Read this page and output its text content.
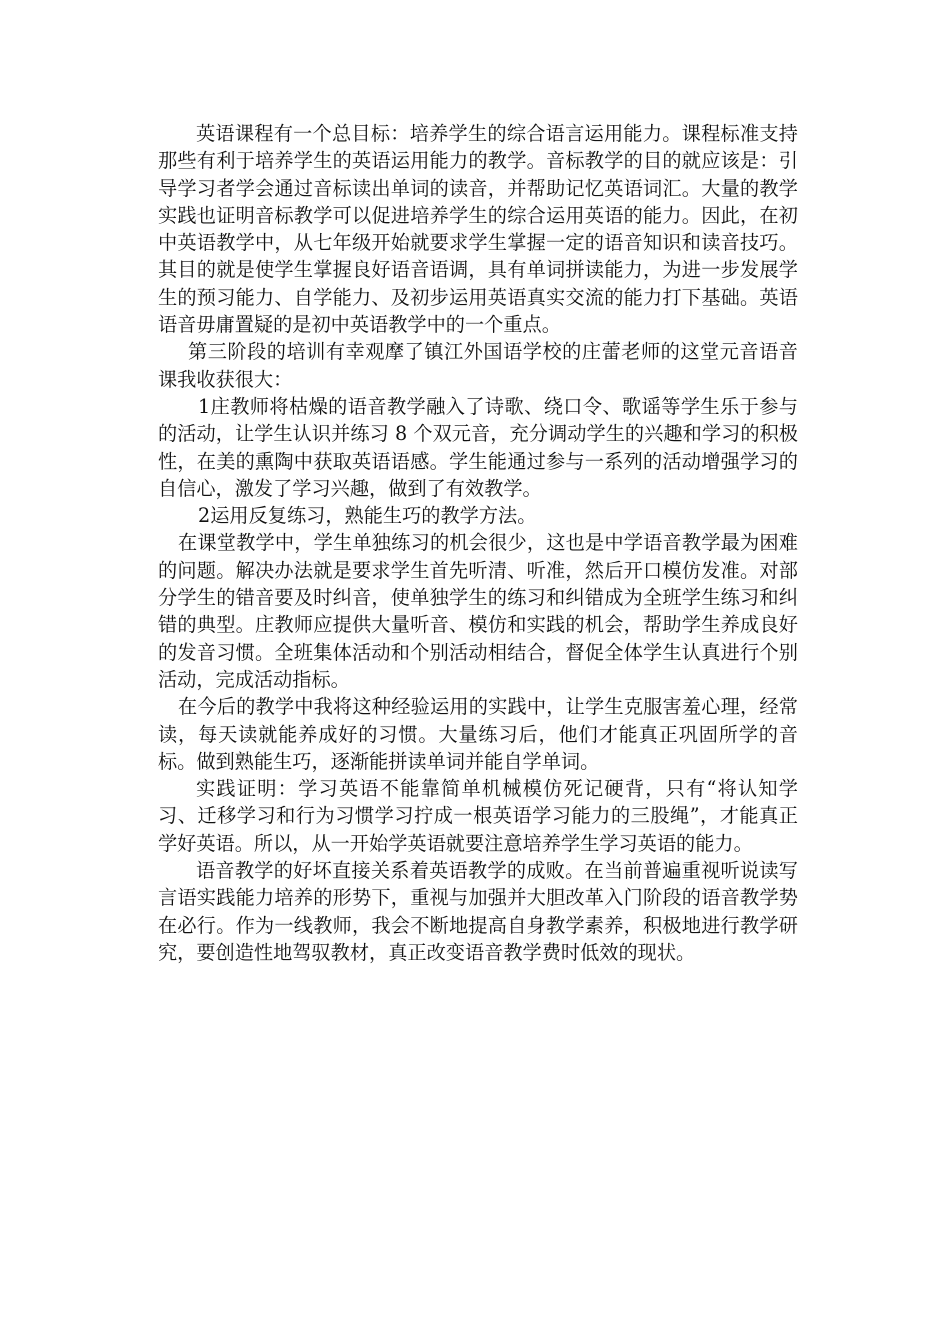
英语课程有一个总目标：培养学生的综合语言运用能力。课程标准支持那些有利于培养学生的英语运用能力的教学。音标教学的目的就应该是：引导学习者学会通过音标读出单词的读音，并帮助记忆英语词汇。大量的教学实践也证明音标教学可以促进培养学生的综合运用英语的能力。因此，在初中英语教学中，从七年级开始就要求学生掌握一定的语音知识和读音技巧。其目的就是使学生掌握良好语音语调，具有单词拼读能力，为进一步发展学生的预习能力、自学能力、及初步运用英语真实交流的能力打下基础。英语语音毋庸置疑的是初中英语教学中的一个重点。

第三阶段的培训有幸观摩了镇江外国语学校的庄蕾老师的这堂元音语音课我收获很大：

1庄教师将枯燥的语音教学融入了诗歌、绕口令、歌谣等学生乐于参与的活动，让学生认识并练习 8 个双元音，充分调动学生的兴趣和学习的积极性，在美的熏陶中获取英语语感。学生能通过参与一系列的活动增强学习的自信心，激发了学习兴趣，做到了有效教学。

2运用反复练习，熟能生巧的教学方法。

在课堂教学中，学生单独练习的机会很少，这也是中学语音教学最为困难的问题。解决办法就是要求学生首先听清、听准，然后开口模仿发准。对部分学生的错音要及时纠音，使单独学生的练习和纠错成为全班学生练习和纠错的典型。庄教师应提供大量听音、模仿和实践的机会，帮助学生养成良好的发音习惯。全班集体活动和个别活动相结合，督促全体学生认真进行个别活动，完成活动指标。

在今后的教学中我将这种经验运用的实践中，让学生克服害羞心理，经常读，每天读就能养成好的习惯。大量练习后，他们才能真正巩固所学的音标。做到熟能生巧，逐渐能拼读单词并能自学单词。

实践证明：学习英语不能靠简单机械模仿死记硬背，只有“将认知学习、迁移学习和行为习惯学习拧成一根英语学习能力的三股绳”，才能真正学好英语。所以，从一开始学英语就要注意培养学生学习英语的能力。

语音教学的好坏直接关系着英语教学的成败。在当前普遍重视听说读写言语实践能力培养的形势下，重视与加强并大胆改革入门阶段的语音教学势在必行。作为一线教师，我会不断地提高自身教学素养，积极地进行教学研究，要创造性地驾驭教材，真正改变语音教学费时低效的现状。
